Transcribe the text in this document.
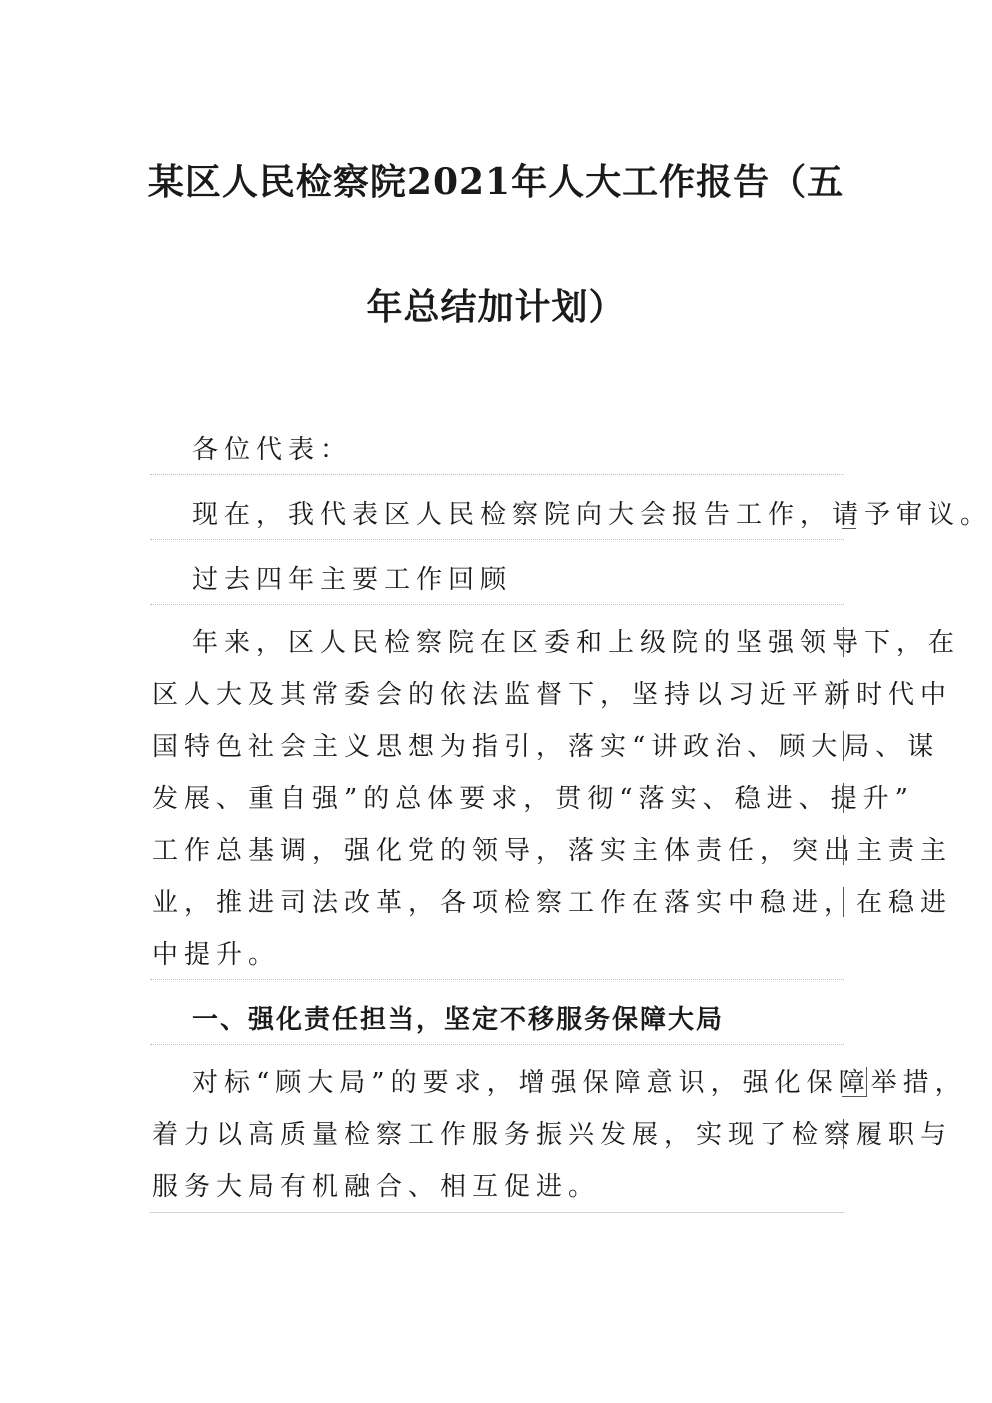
某区人民检察院2021年人大工作报告（五
年总结加计划）
各位代表：
现在，我代表区人民检察院向大会报告工作，请予审议。
过去四年主要工作回顾
年来，区人民检察院在区委和上级院的坚强领导下，在
区人大及其常委会的依法监督下，坚持以习近平新时代中
国特色社会主义思想为指引，落实“讲政治、顾大局、谋
发展、重自强”的总体要求，贯彻“落实、稳进、提升”
工作总基调，强化党的领导，落实主体责任，突出主责主
业，推进司法改革，各项检察工作在落实中稳进，在稳进
中提升。
一、强化责任担当，坚定不移服务保障大局
对标“顾大局”的要求，增强保障意识，强化保障举措，
着力以高质量检察工作服务振兴发展，实现了检察履职与
服务大局有机融合、相互促进。
